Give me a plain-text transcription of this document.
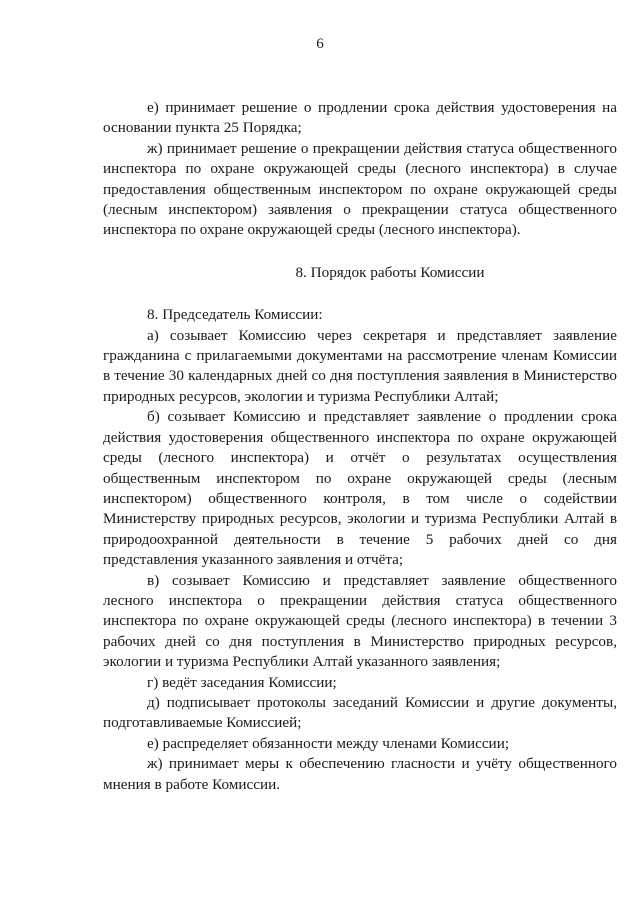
6

е) принимает решение о продлении срока действия удостоверения на основании пункта 25 Порядка;

ж) принимает решение о прекращении действия статуса общественного инспектора по охране окружающей среды (лесного инспектора) в случае предоставления общественным инспектором по охране окружающей среды (лесным инспектором) заявления о прекращении статуса общественного инспектора по охране окружающей среды (лесного инспектора).

8. Порядок работы Комиссии

8. Председатель Комиссии:

а) созывает Комиссию через секретаря и представляет заявление гражданина с прилагаемыми документами на рассмотрение членам Комиссии в течение 30 календарных дней со дня поступления заявления в Министерство природных ресурсов, экологии и туризма Республики Алтай;

б) созывает Комиссию и представляет заявление о продлении срока действия удостоверения общественного инспектора по охране окружающей среды (лесного инспектора) и отчёт о результатах осуществления общественным инспектором по охране окружающей среды (лесным инспектором) общественного контроля, в том числе о содействии Министерству природных ресурсов, экологии и туризма Республики Алтай в природоохранной деятельности в течение 5 рабочих дней со дня представления указанного заявления и отчёта;

в) созывает Комиссию и представляет заявление общественного лесного инспектора о прекращении действия статуса общественного инспектора по охране окружающей среды (лесного инспектора) в течении 3 рабочих дней со дня поступления в Министерство природных ресурсов, экологии и туризма Республики Алтай указанного заявления;

г) ведёт заседания Комиссии;

д) подписывает протоколы заседаний Комиссии и другие документы, подготавливаемые Комиссией;

е) распределяет обязанности между членами Комиссии;

ж) принимает меры к обеспечению гласности и учёту общественного мнения в работе Комиссии.
